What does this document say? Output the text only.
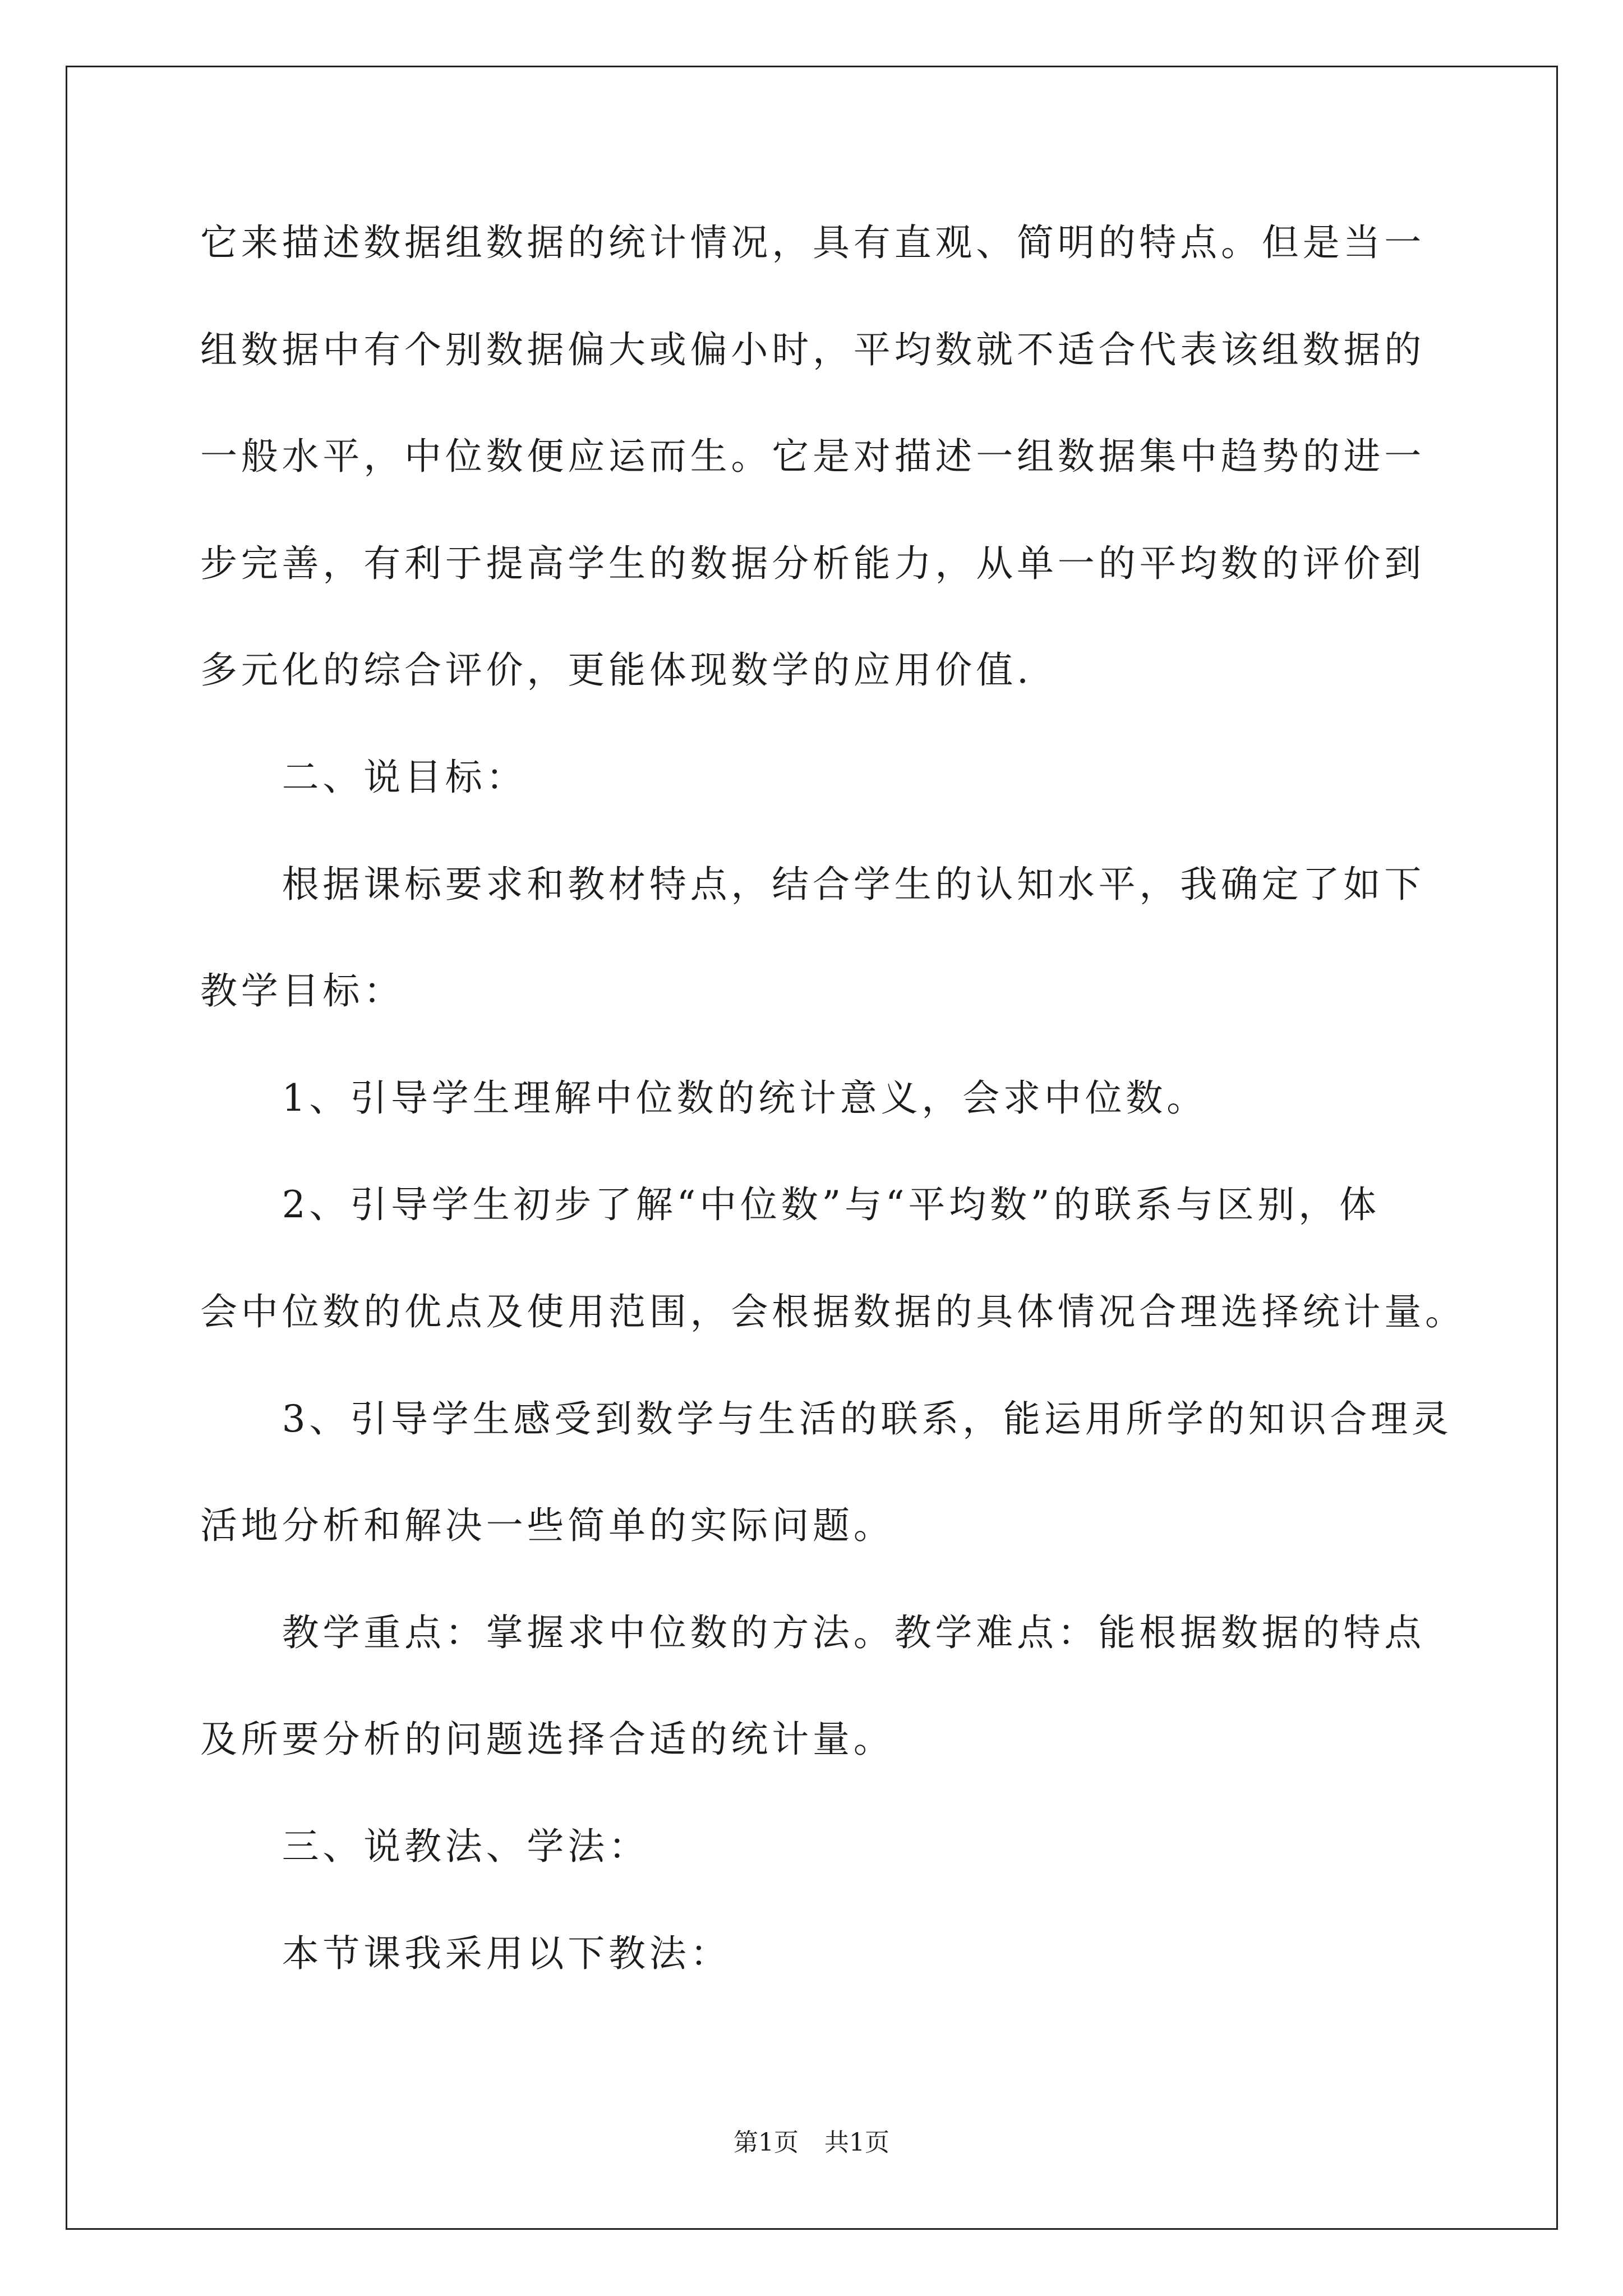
它来描述数据组数据的统计情况，具有直观、简明的特点。但是当一
组数据中有个别数据偏大或偏小时，平均数就不适合代表该组数据的
一般水平，中位数便应运而生。它是对描述一组数据集中趋势的进一
步完善，有利于提高学生的数据分析能力，从单一的平均数的评价到
多元化的综合评价，更能体现数学的应用价值.
二、说目标：
根据课标要求和教材特点，结合学生的认知水平，我确定了如下
教学目标：
1、引导学生理解中位数的统计意义，会求中位数。
2、引导学生初步了解“中位数”与“平均数”的联系与区别，体
会中位数的优点及使用范围，会根据数据的具体情况合理选择统计量。
3、引导学生感受到数学与生活的联系，能运用所学的知识合理灵
活地分析和解决一些简单的实际问题。
教学重点：掌握求中位数的方法。教学难点：能根据数据的特点
及所要分析的问题选择合适的统计量。
三、说教法、学法：
本节课我采用以下教法：
第1页 共1页
